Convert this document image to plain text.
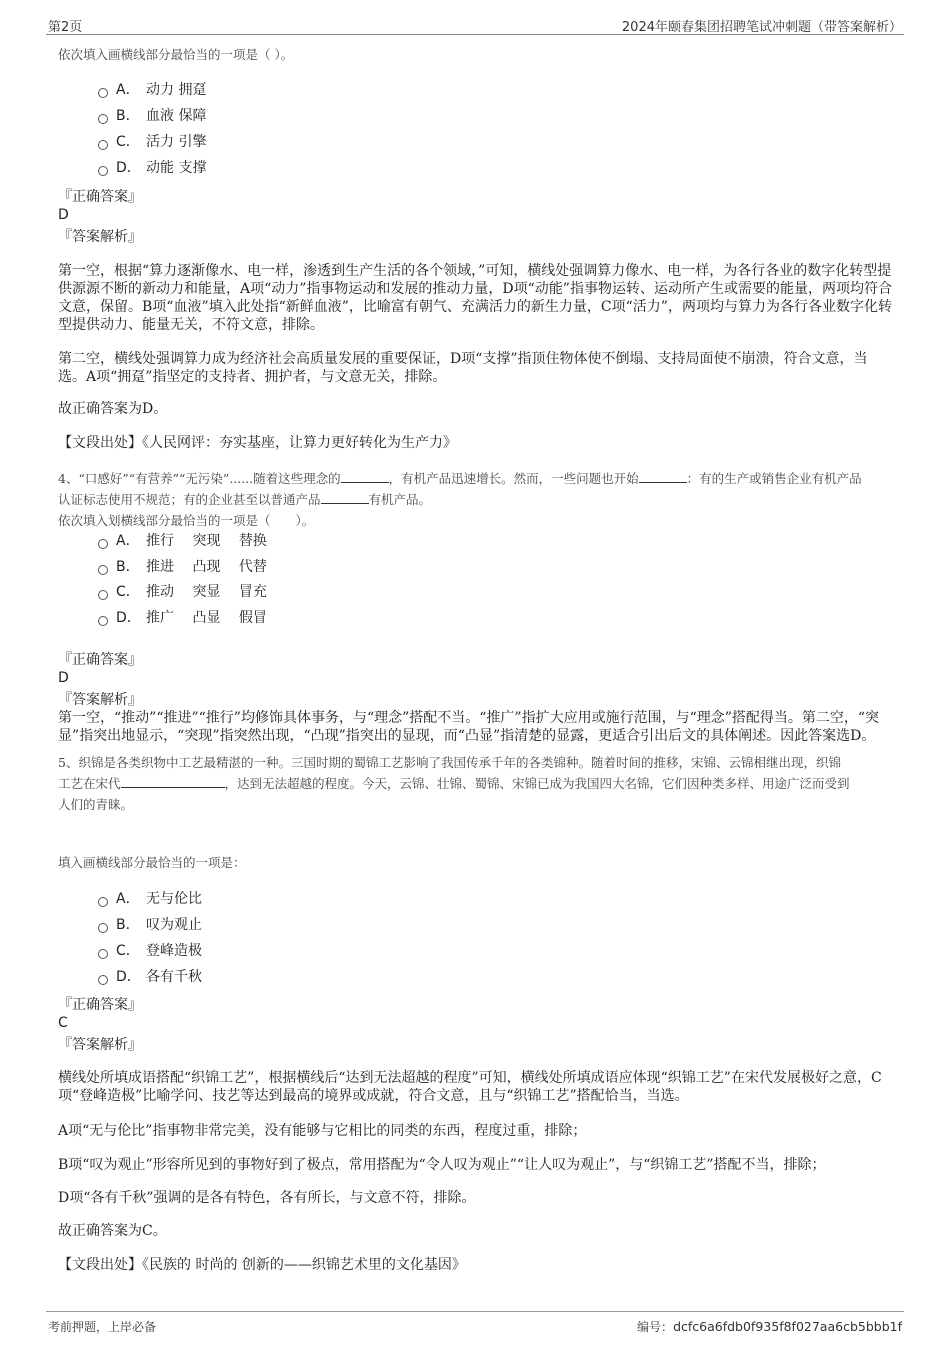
第2页	2024年颐春集团招聘笔试冲刺题（带答案解析）
依次填入画横线部分最恰当的一项是（ ）。
A． 动力 拥趸
B． 血液 保障
C． 活力 引擎
D． 动能 支撑
『正确答案』
D
『答案解析』
第一空，根据“算力逐渐像水、电一样，渗透到生产生活的各个领域，”可知，横线处强调算力像水、电一样，为各行各业的数字化转型提供源源不断的新动力和能量，A项“动力”指事物运动和发展的推动力量，D项“动能”指事物运转、运动所产生或需要的能量，两项均符合文意，保留。B项“血液”填入此处指“新鲜血液”，比喻富有朝气、充满活力的新生力量，C项“活力”，两项均与算力为各行各业数字化转型提供动力、能量无关，不符文意，排除。
第二空，横线处强调算力成为经济社会高质量发展的重要保证，D项“支撑”指顶住物体使不倒塌、支持局面使不崩溃，符合文意，当选。A项“拥趸”指坚定的支持者、拥护者，与文意无关，排除。
故正确答案为D。
【文段出处】《人民网评：夯实基座，让算力更好转化为生产力》
4、“口感好”“有营养”“无污染”......随着这些理念的	，有机产品迅速增长。然而，一些问题也开始	：有的生产或销售企业有机产品
认证标志使用不规范；有的企业甚至以普通产品	有机产品。
依次填入划横线部分最恰当的一项是（　　）。
A． 推行　 突现　 替换
B． 推进　 凸现　 代替
C． 推动　 突显　 冒充
D． 推广　 凸显　 假冒
『正确答案』
D
『答案解析』
第一空，“推动”“推进”“推行”均修饰具体事务，与“理念”搭配不当。“推广”指扩大应用或施行范围，与“理念”搭配得当。第二空，“突显”指突出地显示，“突现”指突然出现，“凸现”指突出的显现，而“凸显”指清楚的显露，更适合引出后文的具体阐述。因此答案选D。
5、织锦是各类织物中工艺最精湛的一种。三国时期的蜀锦工艺影响了我国传承千年的各类锦种。随着时间的推移，宋锦、云锦相继出现，织锦
工艺在宋代	，达到无法超越的程度。今天，云锦、壮锦、蜀锦、宋锦已成为我国四大名锦，它们因种类多样、用途广泛而受到
人们的青睐。
填入画横线部分最恰当的一项是：
A． 无与伦比
B． 叹为观止
C． 登峰造极
D． 各有千秋
『正确答案』
C
『答案解析』
横线处所填成语搭配“织锦工艺”，根据横线后“达到无法超越的程度”可知，横线处所填成语应体现“织锦工艺”在宋代发展极好之意，C项“登峰造极”比喻学问、技艺等达到最高的境界或成就，符合文意，且与“织锦工艺”搭配恰当，当选。
A项“无与伦比”指事物非常完美，没有能够与它相比的同类的东西，程度过重，排除；
B项“叹为观止”形容所见到的事物好到了极点，常用搭配为“令人叹为观止”“让人叹为观止”，与“织锦工艺”搭配不当，排除；
D项“各有千秋”强调的是各有特色，各有所长，与文意不符，排除。
故正确答案为C。
【文段出处】《民族的 时尚的 创新的——织锦艺术里的文化基因》
考前押题，上岸必备	编号：dcfc6a6fdb0f935f8f027aa6cb5bbb1f
